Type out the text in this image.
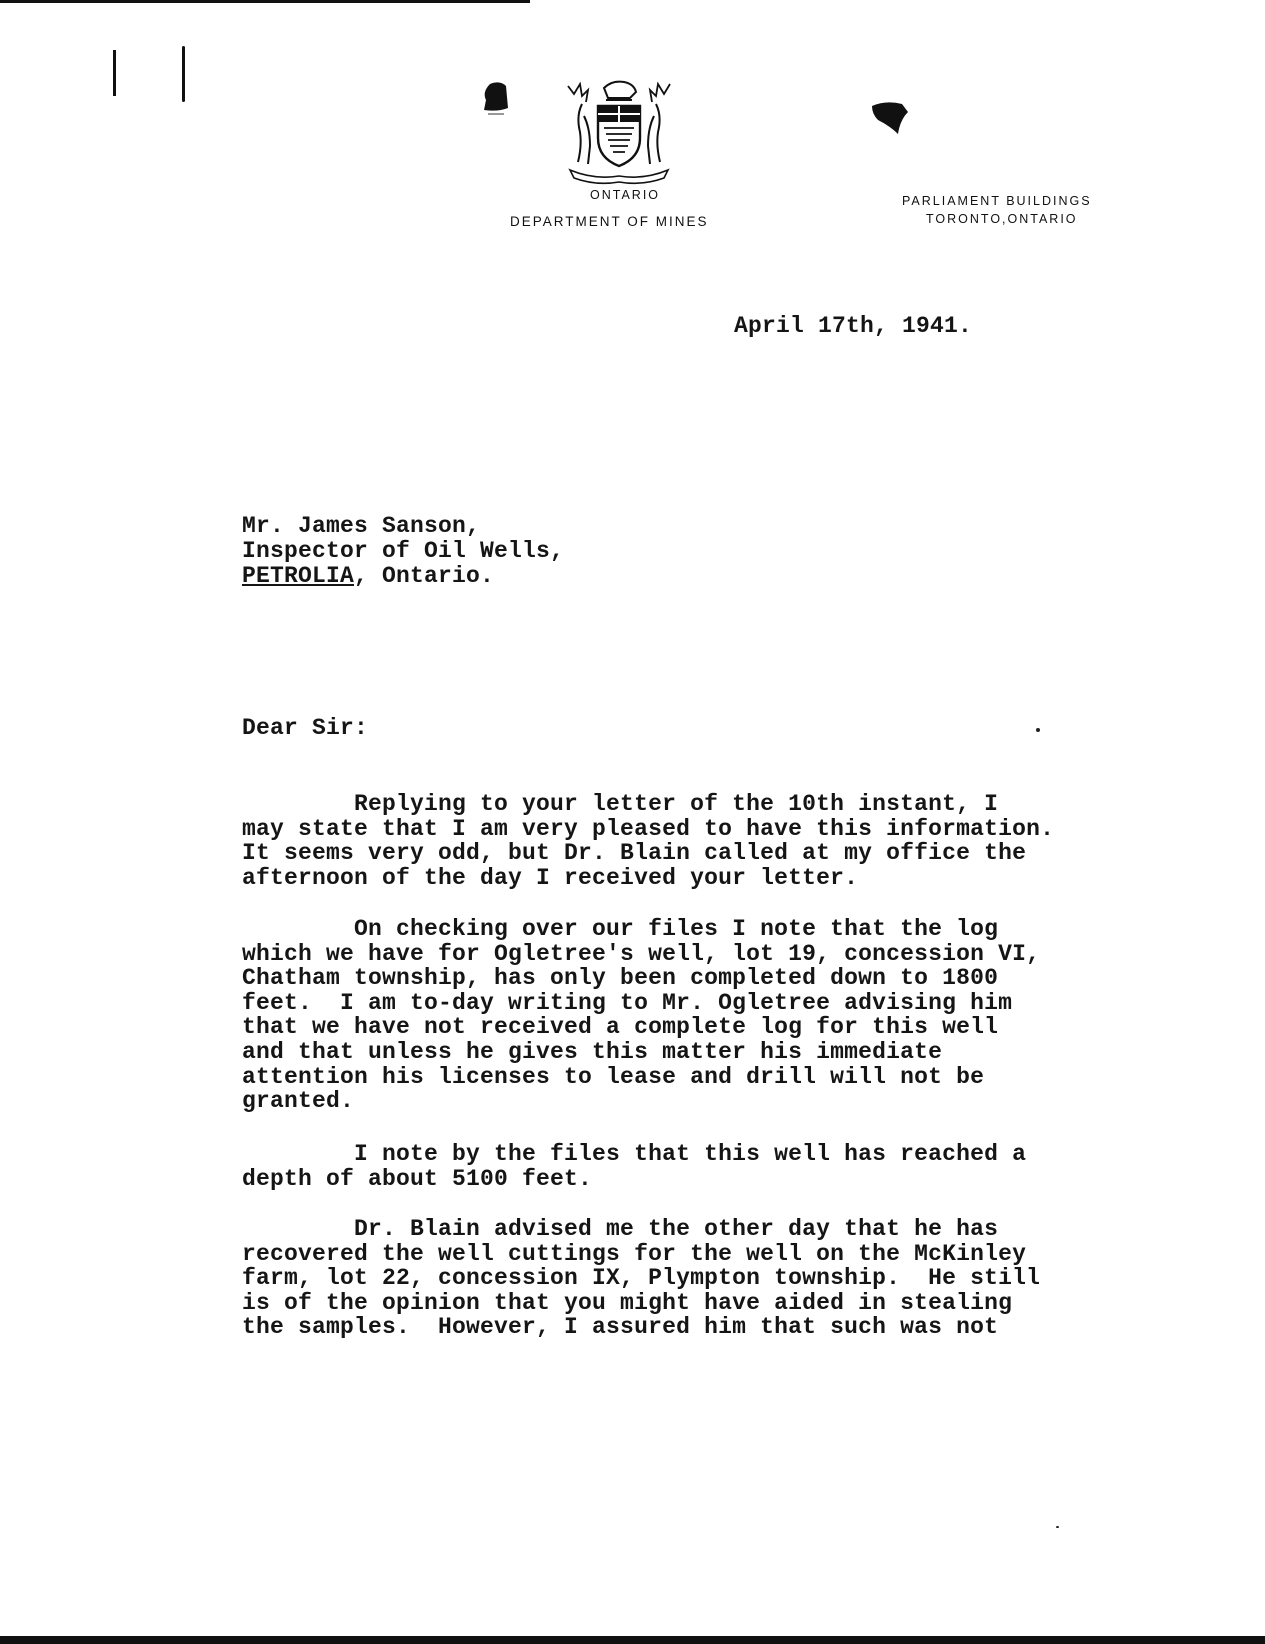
ONTARIO
DEPARTMENT OF MINES
PARLIAMENT BUILDINGS
TORONTO,ONTARIO
April 17th, 1941.
Mr. James Sanson,
Inspector of Oil Wells,
PETROLIA, Ontario.
Dear Sir:
Replying to your letter of the 10th instant, I
may state that I am very pleased to have this information.
It seems very odd, but Dr. Blain called at my office the
afternoon of the day I received your letter.
On checking over our files I note that the log
which we have for Ogletree's well, lot 19, concession VI,
Chatham township, has only been completed down to 1800
feet.  I am to-day writing to Mr. Ogletree advising him
that we have not received a complete log for this well
and that unless he gives this matter his immediate
attention his licenses to lease and drill will not be
granted.
I note by the files that this well has reached a
depth of about 5100 feet.
Dr. Blain advised me the other day that he has
recovered the well cuttings for the well on the McKinley
farm, lot 22, concession IX, Plympton township.  He still
is of the opinion that you might have aided in stealing
the samples.  However, I assured him that such was not
